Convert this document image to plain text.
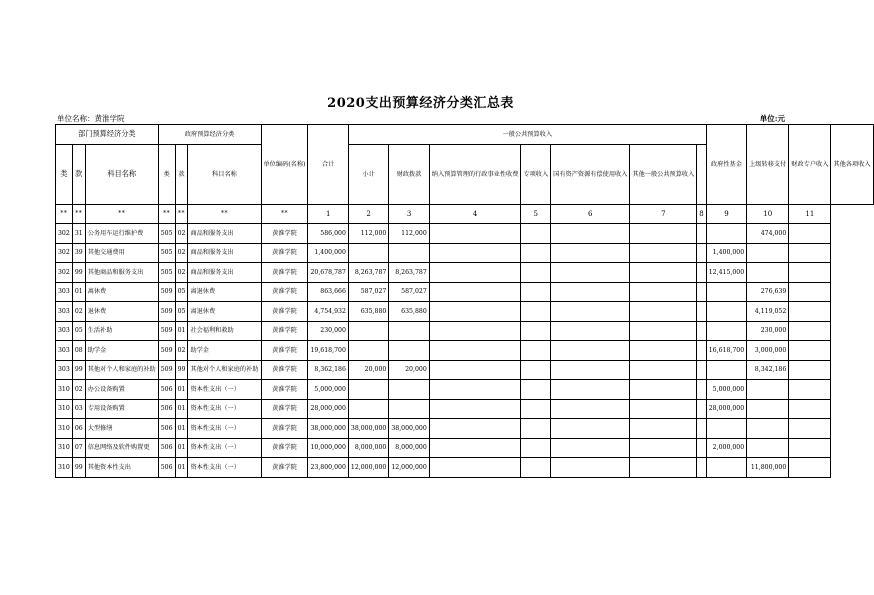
2020支出预算经济分类汇总表
单位名称：黄淮学院	单位:元
部门预算经济分类			政府预算经济分类			单位编码(名称)	合计	一般公共预算收入							政府性基金	上级转移支付	财政专户收入	其他各项收入
类	款	科目名称	类	款	科目名称			小计	财政拨款	纳入预算管理的行政事业性收费	专项收入	国有资产资源有偿使用收入	其他一般公共预算收入					
**	**	**	**	**	**	**	1	2	3	4	5	6	7	8	9	10	11	
302	31	公务用车运行维护费	505	02	商品和服务支出	黄淮学院	586,000	112,000	112,000							474,000		
302	39	其他交通费用	505	02	商品和服务支出	黄淮学院	1,400,000								1,400,000			
302	99	其他商品和服务支出	505	02	商品和服务支出	黄淮学院	20,678,787	8,263,787	8,263,787						12,415,000			
303	01	离休费	509	05	离退休费	黄淮学院	863,666	587,027	587,027							276,639		
303	02	退休费	509	05	离退休费	黄淮学院	4,754,932	635,880	635,880							4,119,052		
303	05	生活补助	509	01	社会福利和救助	黄淮学院	230,000									230,000		
303	08	助学金	509	02	助学金	黄淮学院	19,618,700								16,618,700	3,000,000		
303	99	其他对个人和家庭的补助	509	99	其他对个人和家庭的补助	黄淮学院	8,362,186	20,000	20,000							8,342,186		
310	02	办公设备购置	506	01	资本性支出（一）	黄淮学院	5,000,000								5,000,000			
310	03	专用设备购置	506	01	资本性支出（一）	黄淮学院	28,000,000								28,000,000			
310	06	大型修缮	506	01	资本性支出（一）	黄淮学院	38,000,000	38,000,000	38,000,000									
310	07	信息网络及软件购置更	506	01	资本性支出（一）	黄淮学院	10,000,000	8,000,000	8,000,000						2,000,000			
310	99	其他资本性支出	506	01	资本性支出（一）	黄淮学院	23,800,000	12,000,000	12,000,000							11,800,000		
